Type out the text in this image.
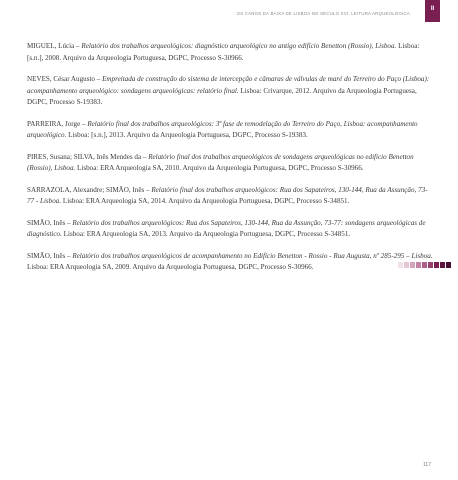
OS CANOS DA BAIXA DE LISBOA NO SÉCULO XVI. LEITURA ARQUEOLÓGICA
II

MIGUEL, Lúcia – Relatório dos trabalhos arqueológicos: diagnóstico arqueológico no antigo edifício Benetton (Rossio), Lisboa. Lisboa: [s.n.], 2008. Arquivo da Arqueologia Portuguesa, DGPC, Processo S-30966.

NEVES, César Augusto – Empreitada de construção do sistema de intercepção e câmaras de válvulas de maré do Terreiro do Paço (Lisboa): acompanhamento arqueológico: sondagens arqueológicas: relatório final. Lisboa: Crivarque, 2012. Arquivo da Arqueologia Portuguesa, DGPC, Processo S-19383.

PARREIRA, Jorge – Relatório final dos trabalhos arqueológicos: 3ª fase de remodelação do Terreiro do Paço, Lisboa: acompanhamento arqueológico. Lisboa: [s.n.], 2013. Arquivo da Arqueologia Portuguesa, DGPC, Processo S-19383.

PIRES, Susana; SILVA, Inês Mendes da – Relatório final dos trabalhos arqueológicos de sondagens arqueológicas no edifício Benetton (Rossio), Lisboa. Lisboa: ERA Arqueologia SA, 2010. Arquivo da Arqueologia Portuguesa, DGPC, Processo S-30966.

SARRAZOLA, Alexandre; SIMÃO, Inês – Relatório final dos trabalhos arqueológicos: Rua dos Sapateiros, 130-144, Rua da Assunção, 73-77 - Lisboa. Lisboa: ERA Arqueologia SA, 2014. Arquivo da Arqueologia Portuguesa, DGPC, Processo S-34851.

SIMÃO, Inês – Relatório dos trabalhos arqueológicos: Rua dos Sapateiros, 130-144, Rua da Assunção, 73-77: sondagens arqueológicas de diagnóstico. Lisboa: ERA Arqueologia SA, 2013. Arquivo da Arqueologia Portuguesa, DGPC, Processo S-34851.

SIMÃO, Inês – Relatório dos trabalhos arqueológicos de acompanhamento no Edifício Benetton - Rossio - Rua Augusta, nº 285-295 – Lisboa. Lisboa: ERA Arqueologia SA, 2009. Arquivo da Arqueologia Portuguesa, DGPC, Processo S-30966.

117
